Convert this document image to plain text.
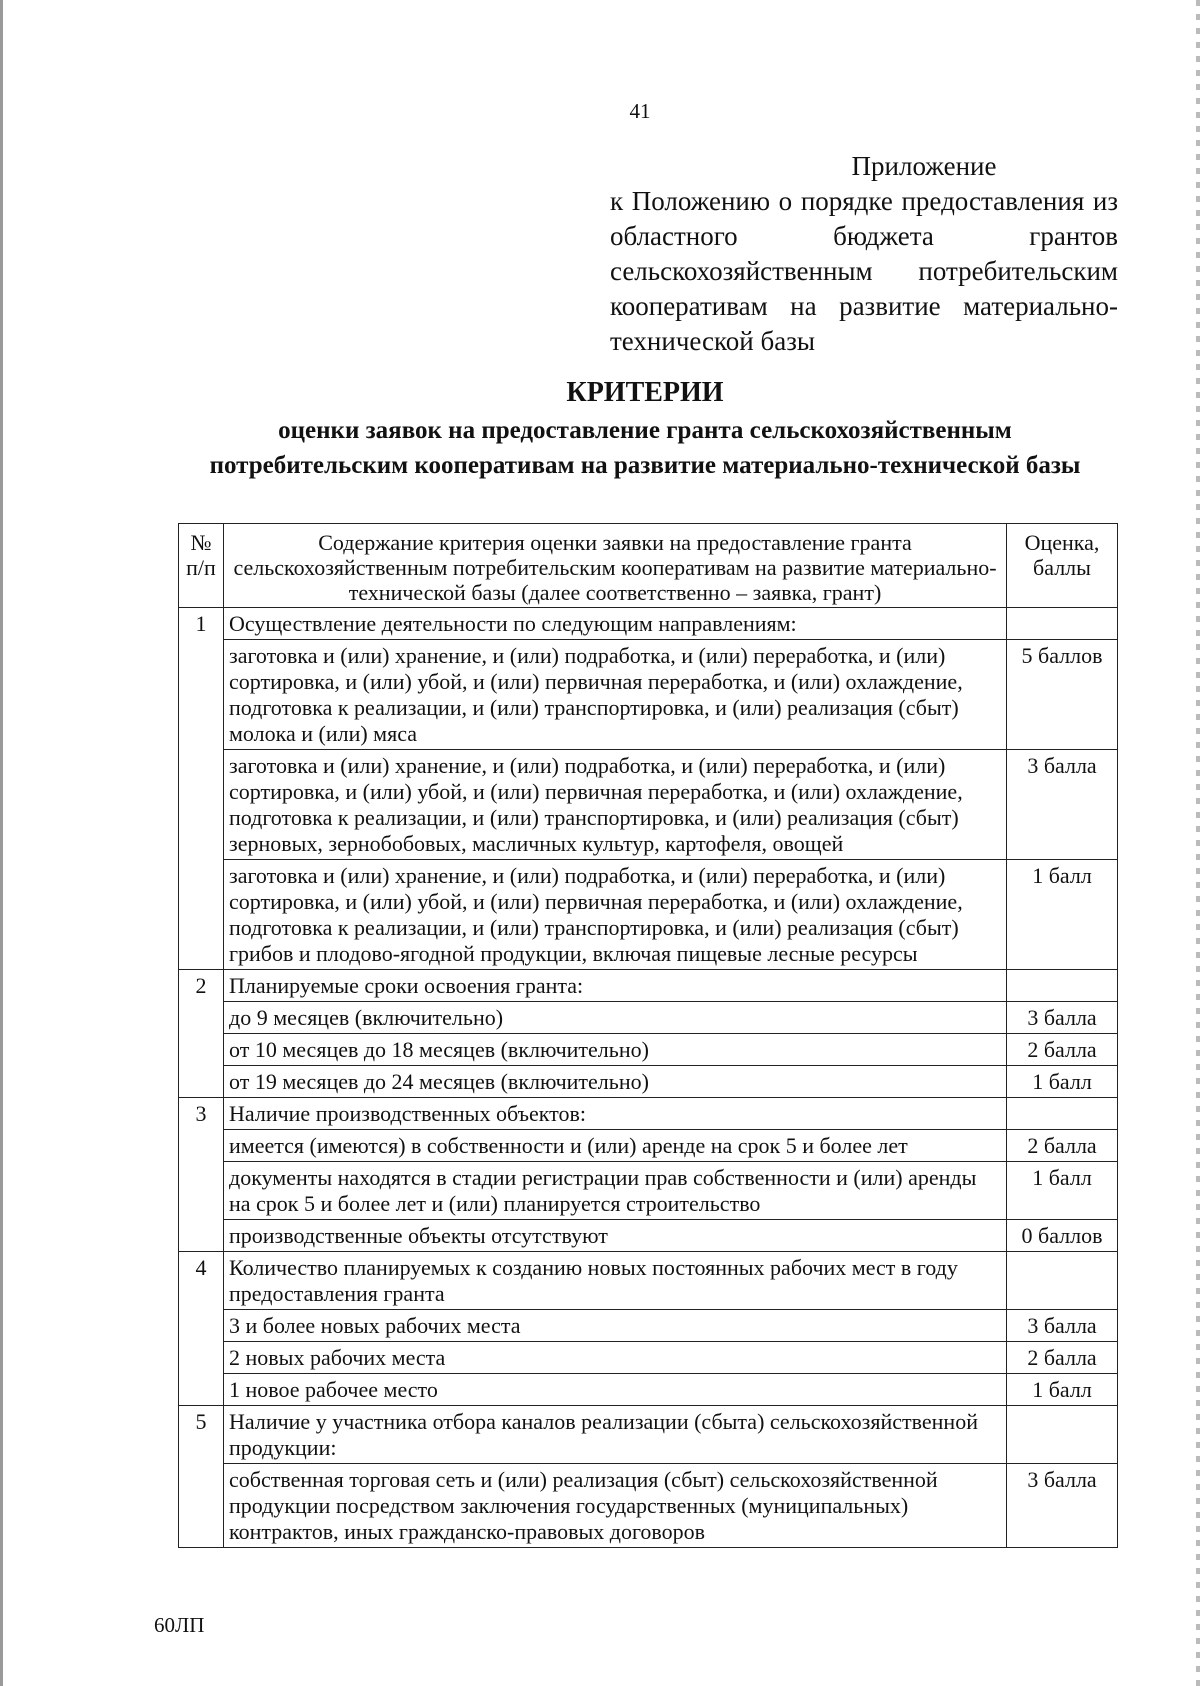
41
Приложение
к Положению о порядке предоставления из областного бюджета грантов сельскохозяйственным потребительским кооперативам на развитие материально-технической базы
КРИТЕРИИ
оценки заявок на предоставление гранта сельскохозяйственным потребительским кооперативам на развитие материально-технической базы
№ п/п	Содержание критерия оценки заявки на предоставление гранта сельскохозяйственным потребительским кооперативам на развитие материально-технической базы (далее соответственно – заявка, грант)	Оценка, баллы
1	Осуществление деятельности по следующим направлениям:	
	заготовка и (или) хранение, и (или) подработка, и (или) переработка, и (или) сортировка, и (или) убой, и (или) первичная переработка, и (или) охлаждение, подготовка к реализации, и (или) транспортировка, и (или) реализация (сбыт) молока и (или) мяса	5 баллов
	заготовка и (или) хранение, и (или) подработка, и (или) переработка, и (или) сортировка, и (или) убой, и (или) первичная переработка, и (или) охлаждение, подготовка к реализации, и (или) транспортировка, и (или) реализация (сбыт) зерновых, зернобобовых, масличных культур, картофеля, овощей	3 балла
	заготовка и (или) хранение, и (или) подработка, и (или) переработка, и (или) сортировка, и (или) убой, и (или) первичная переработка, и (или) охлаждение, подготовка к реализации, и (или) транспортировка, и (или) реализация (сбыт) грибов и плодово-ягодной продукции, включая пищевые лесные ресурсы	1 балл
2	Планируемые сроки освоения гранта:	
	до 9 месяцев (включительно)	3 балла
	от 10 месяцев до 18 месяцев (включительно)	2 балла
	от 19 месяцев до 24 месяцев (включительно)	1 балл
3	Наличие производственных объектов:	
	имеется (имеются) в собственности и (или) аренде на срок 5 и более лет	2 балла
	документы находятся в стадии регистрации прав собственности и (или) аренды на срок 5 и более лет и (или) планируется строительство	1 балл
	производственные объекты отсутствуют	0 баллов
4	Количество планируемых к созданию новых постоянных рабочих мест в году предоставления гранта	
	3 и более новых рабочих места	3 балла
	2 новых рабочих места	2 балла
	1 новое рабочее место	1 балл
5	Наличие у участника отбора каналов реализации (сбыта) сельскохозяйственной продукции:	
	собственная торговая сеть и (или) реализация (сбыт) сельскохозяйственной продукции посредством заключения государственных (муниципальных) контрактов, иных гражданско-правовых договоров	3 балла
60ЛП
